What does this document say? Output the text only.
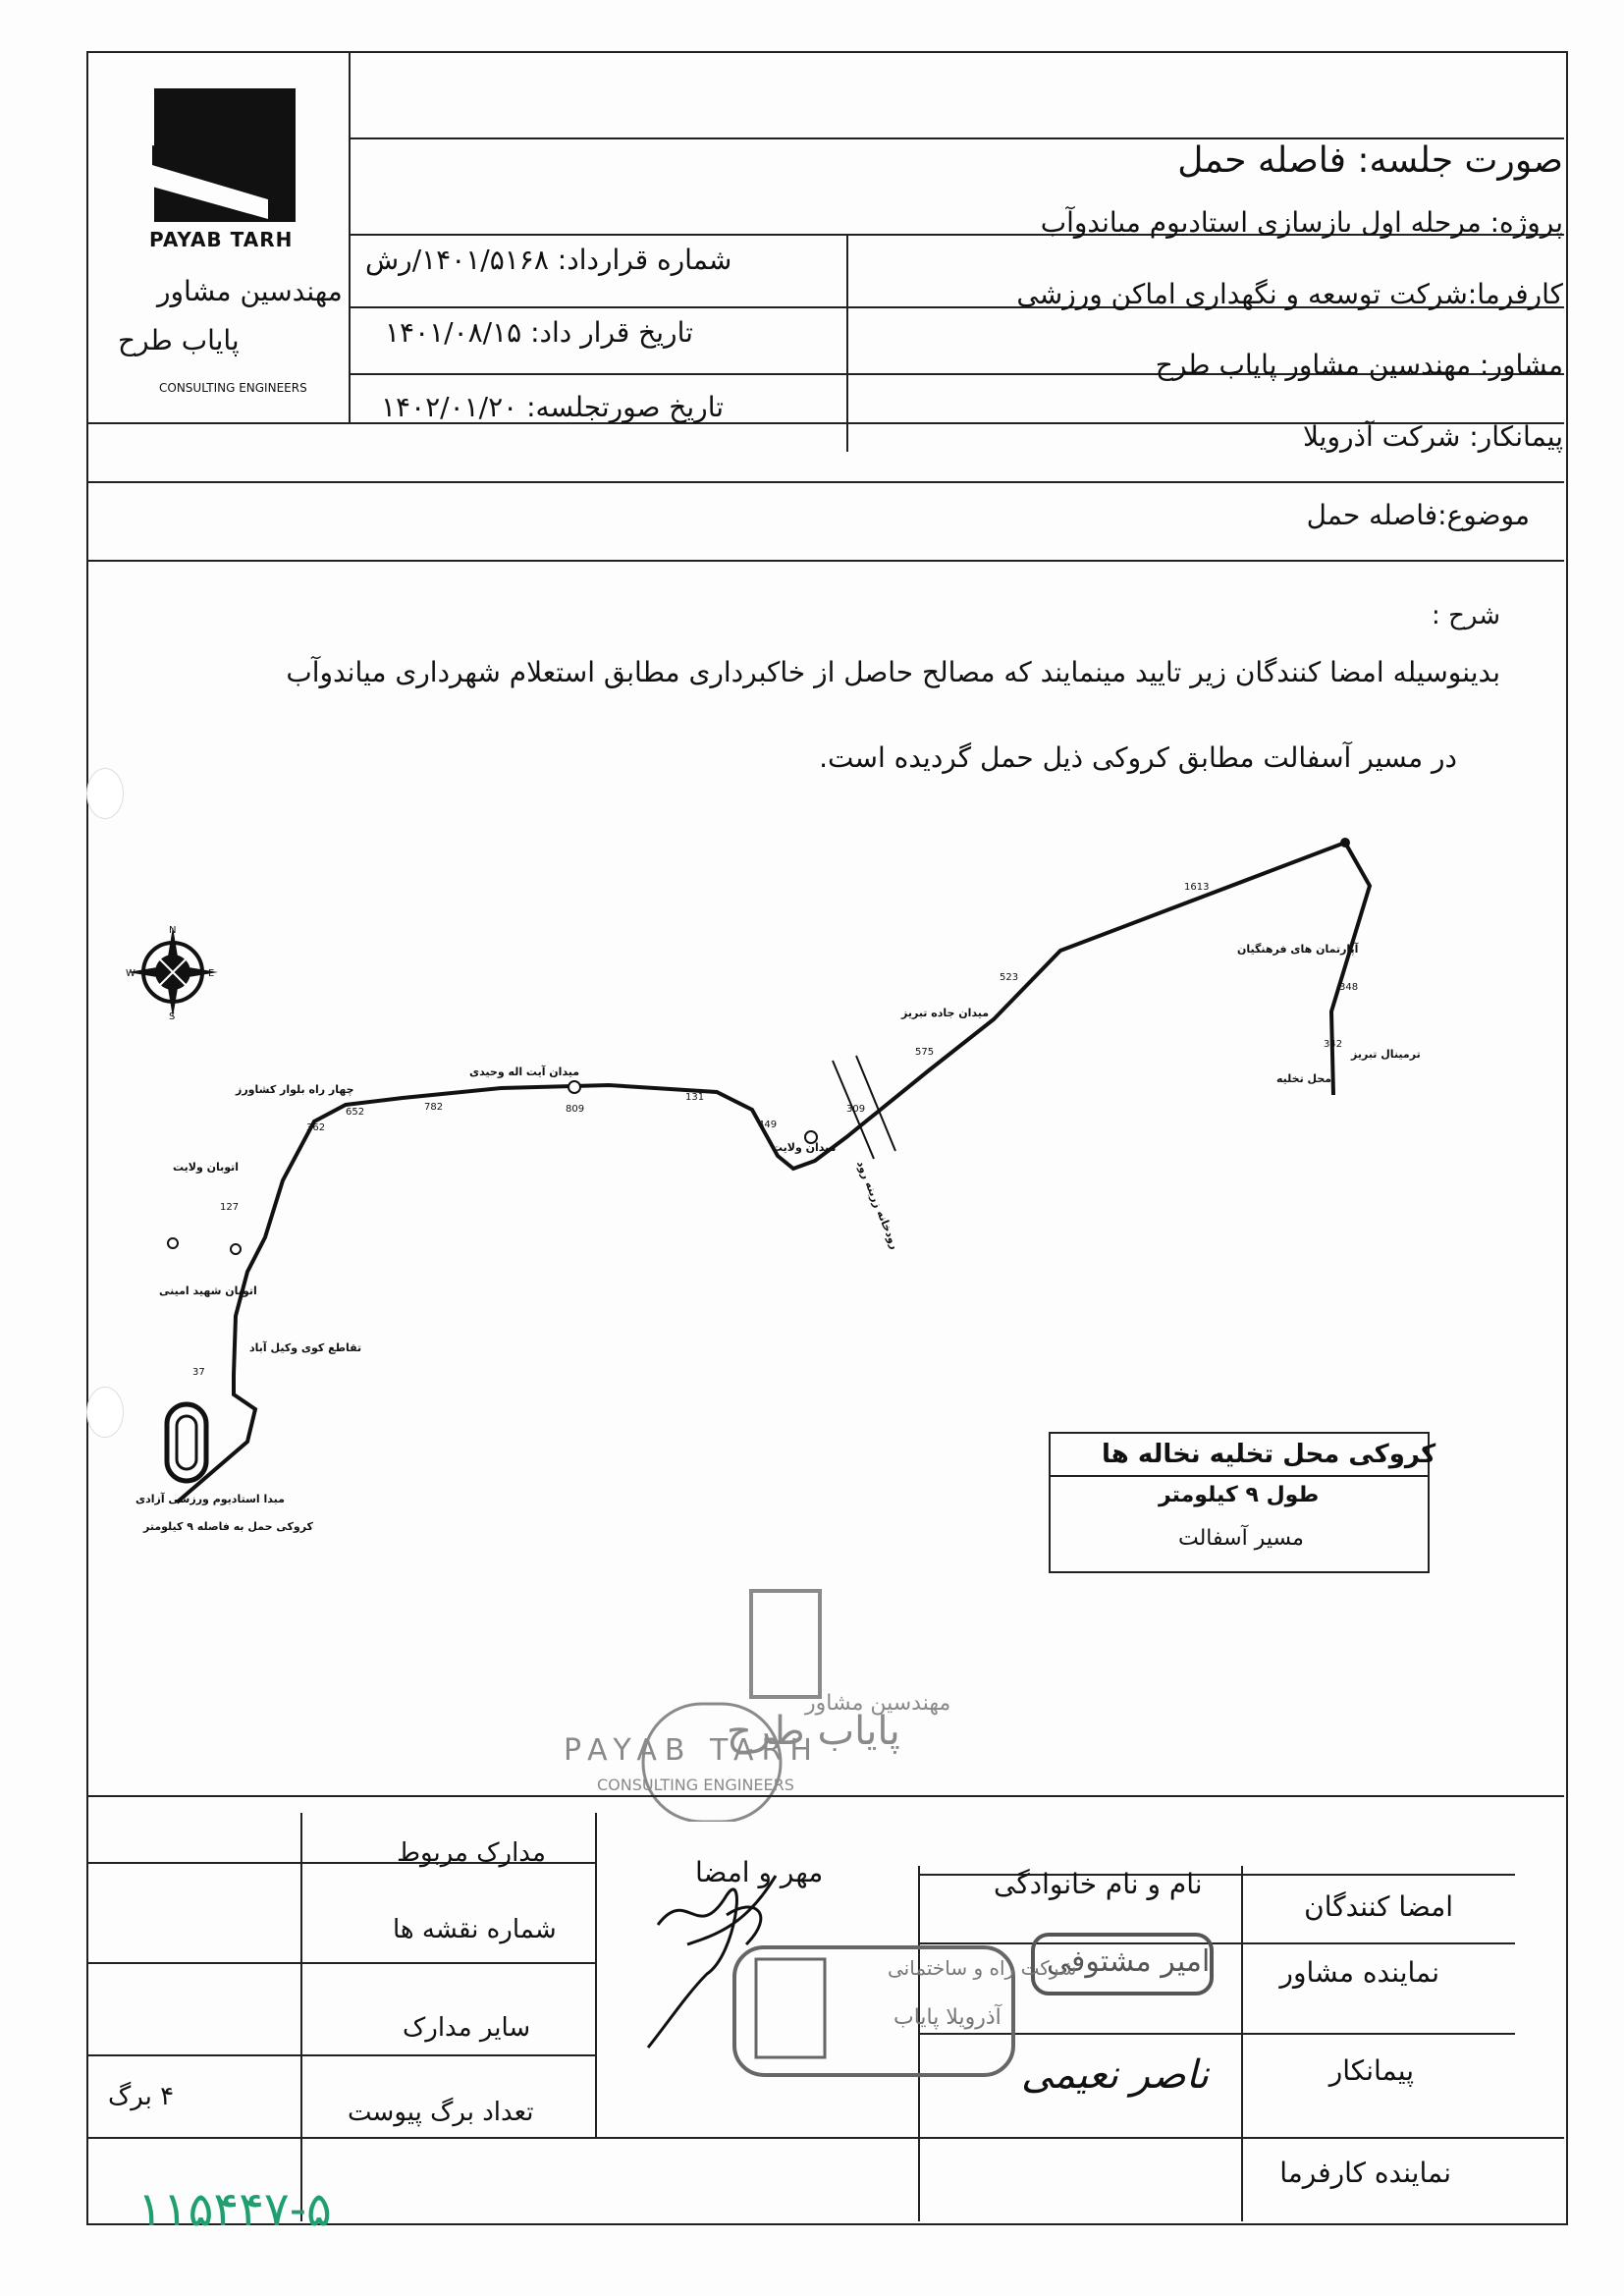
PAYAB TARH
مهندسین مشاور
پایاب طرح
CONSULTING ENGINEERS
صورت جلسه: فاصله حمل
پروژه: مرحله اول بازسازی استادیوم میاندوآب
کارفرما:شرکت توسعه و نگهداری اماکن ورزشی
مشاور: مهندسین مشاور پایاب طرح
پیمانکار: شرکت آذرویلا
شماره قرارداد: ۱۴۰۱/۵۱۶۸/رش
تاریخ قرار داد: ۱۴۰۱/۰۸/۱۵
تاریخ صورتجلسه: ۱۴۰۲/۰۱/۲۰
موضوع:فاصله حمل
شرح :
بدینوسیله امضا کنندگان زیر تایید مینمایند که مصالح حاصل از خاکبرداری مطابق استعلام شهرداری میاندوآب
در مسیر آسفالت مطابق کروکی ذیل حمل گردیده است.
N
E
W
S
آپارتمان های فرهنگیان
ترمینال تبریز
محل تخلیه
میدان جاده تبریز
میدان آیت اله وحیدی
میدان ولایت
چهار راه بلوار کشاورز
اتوبان ولایت
اتوبان شهید امینی
تقاطع کوی وکیل آباد
مبدا استادیوم ورزشی آزادی
کروکی حمل به فاصله ۹ کیلومتر
رودخانه زرینه رود
1613
523
575
309
449
131
809
782
652
362
342
348
127
37
کروکی محل تخلیه نخاله ها
طول ۹ کیلومتر
مسیر آسفالت
مهندسین مشاور
پایاب طرح
PAYAB TARH
CONSULTING ENGINEERS
امضا کنندگان
نام و نام خانوادگی
مهر و امضا
نماینده مشاور
پیمانکار
نماینده کارفرما
مدارک مربوط
شماره نقشه ها
سایر مدارک
تعداد برگ پیوست
۴ برگ
امیر مشتوفی
شرکت راه و ساختمانی
آذرویلا پایاب
ناصر نعیمی
۱۱۵۴۴۷-۵
